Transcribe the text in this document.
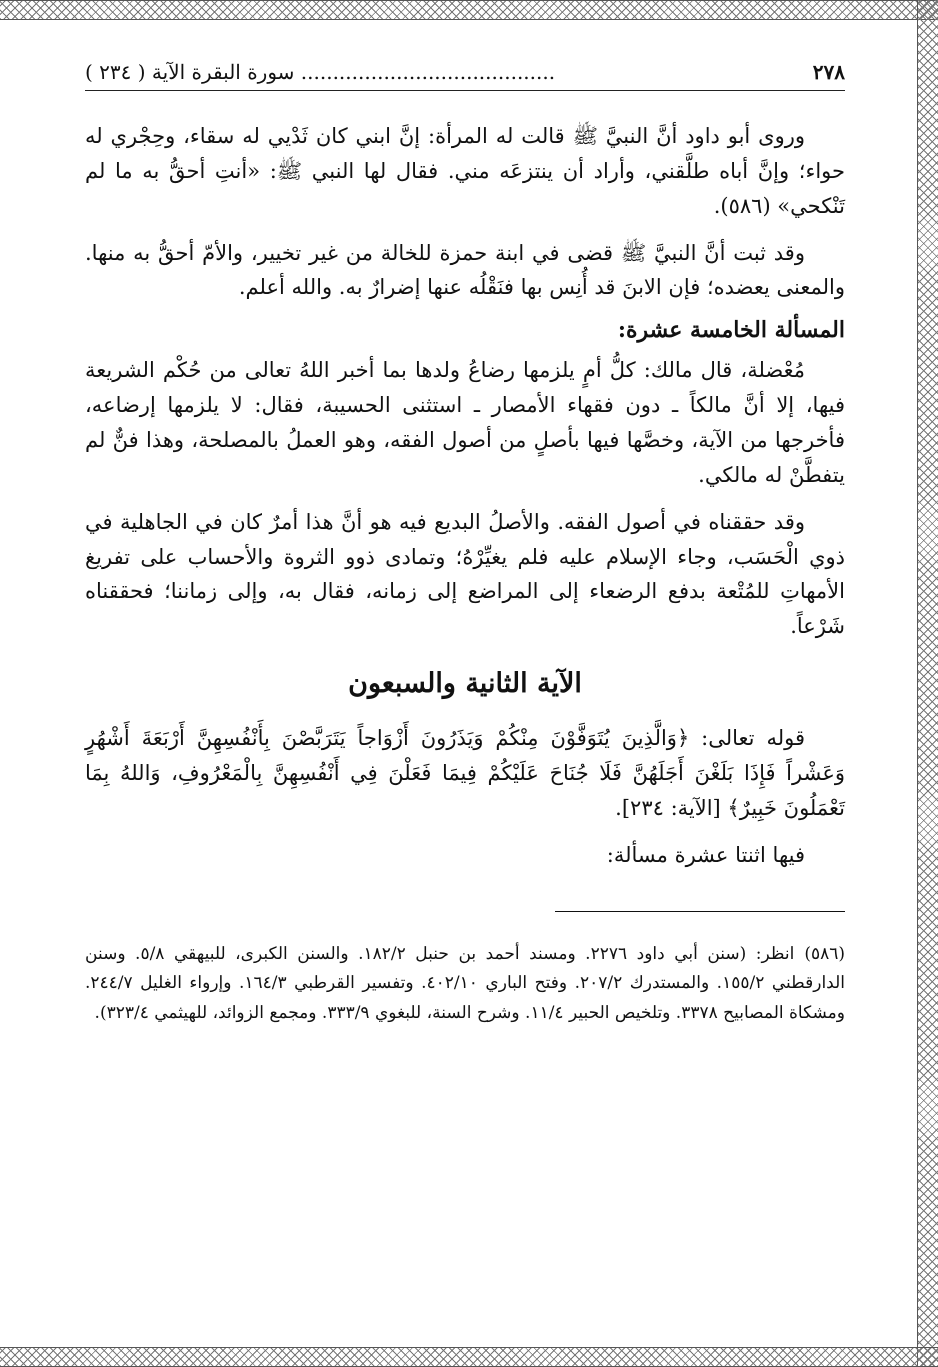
٢٧٨
........................................ سورة البقرة الآية ( ٢٣٤ )

وروى أبو داود أنَّ النبيَّ ﷺ قالت له المرأة: إنَّ ابني كان ثَدْيي له سقاء، وحِجْري له حواء؛ وإنَّ أباه طلَّقني، وأراد أن ينتزعَه مني. فقال لها النبي ﷺ: «أنتِ أحقُّ به ما لم تَنْكحي» (٥٨٦).

وقد ثبت أنَّ النبيَّ ﷺ قضى في ابنة حمزة للخالة من غير تخيير، والأمّ أحقُّ به منها. والمعنى يعضده؛ فإن الابنَ قد أُنِس بها فنَقْلُه عنها إضرارٌ به. والله أعلم.

المسألة الخامسة عشرة:

مُعْضلة، قال مالك: كلُّ أمٍ يلزمها رضاعُ ولدها بما أخبر اللهُ تعالى من حُكْم الشريعة فيها، إلا أنَّ مالكاً ـ دون فقهاء الأمصار ـ استثنى الحسيبة، فقال: لا يلزمها إرضاعه، فأخرجها من الآية، وخصَّها فيها بأصلٍ من أصول الفقه، وهو العملُ بالمصلحة، وهذا فنٌّ لم يتفطَّنْ له مالكي.

وقد حققناه في أصول الفقه. والأصلُ البديع فيه هو أنَّ هذا أمرٌ كان في الجاهلية في ذوي الْحَسَب، وجاء الإسلام عليه فلم يغيِّرْهُ؛ وتمادى ذوو الثروة والأحساب على تفريغ الأمهاتِ للمُتْعة بدفع الرضعاء إلى المراضع إلى زمانه، فقال به، وإلى زماننا؛ فحققناه شَرْعاً.

الآية الثانية والسبعون

قوله تعالى: ﴿وَالَّذِينَ يُتَوَفَّوْنَ مِنْكُمْ وَيَذَرُونَ أَزْوَاجاً يَتَرَبَّصْنَ بِأَنْفُسِهِنَّ أَرْبَعَةَ أَشْهُرٍ وَعَشْراً فَإِذَا بَلَغْنَ أَجَلَهُنَّ فَلَا جُنَاحَ عَلَيْكُمْ فِيمَا فَعَلْنَ فِي أَنْفُسِهِنَّ بِالْمَعْرُوفِ، وَاللهُ بِمَا تَعْمَلُونَ خَبِيرٌ﴾ [الآية: ٢٣٤].

فيها اثنتا عشرة مسألة:

(٥٨٦)انظر: (سنن أبي داود ٢٢٧٦. ومسند أحمد بن حنبل ١٨٢/٢. والسنن الكبرى، للبيهقي ٥/٨. وسنن الدارقطني ١٥٥/٢. والمستدرك ٢٠٧/٢. وفتح الباري ٤٠٢/١٠. وتفسير القرطبي ١٦٤/٣. وإرواء الغليل ٢٤٤/٧. ومشكاة المصابيح ٣٣٧٨. وتلخيص الحبير ١١/٤. وشرح السنة، للبغوي ٣٣٣/٩. ومجمع الزوائد، للهيثمي ٣٢٣/٤).
